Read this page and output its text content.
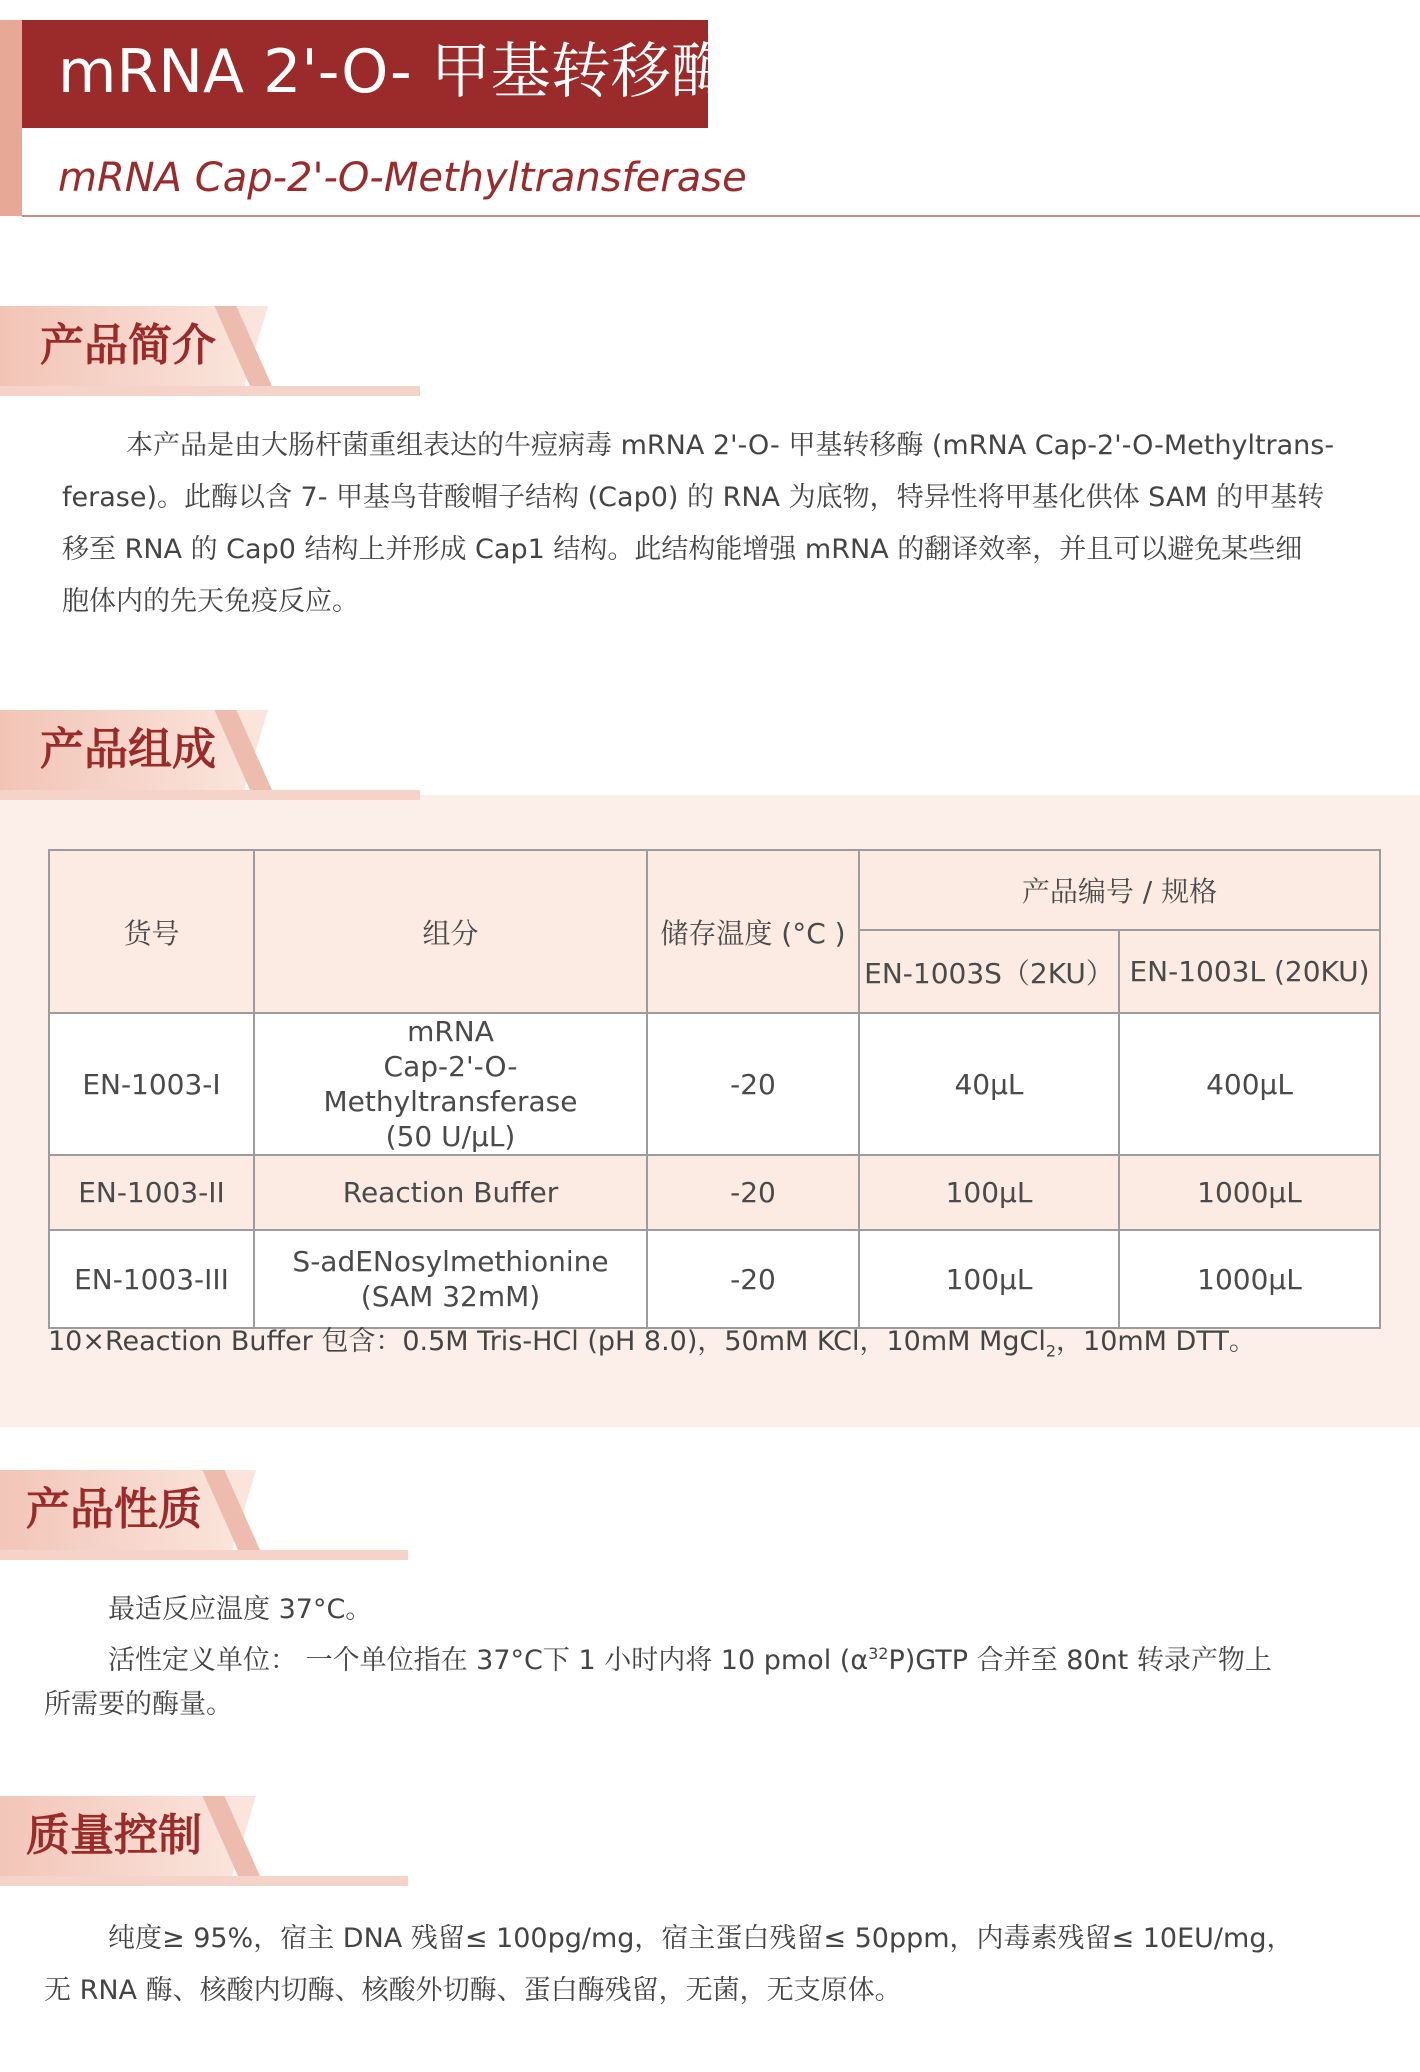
mRNA 2'-O- 甲基转移酶
mRNA Cap-2'-O-Methyltransferase
产品简介
本产品是由大肠杆菌重组表达的牛痘病毒 mRNA 2'-O- 甲基转移酶 (mRNA Cap-2'-O-Methyltrans-
ferase)。此酶以含 7- 甲基鸟苷酸帽子结构 (Cap0) 的 RNA 为底物，特异性将甲基化供体 SAM 的甲基转
移至 RNA 的 Cap0 结构上并形成 Cap1 结构。此结构能增强 mRNA 的翻译效率，并且可以避免某些细
胞体内的先天免疫反应。
产品组成
货号	组分	储存温度 (°C )	产品编号 / 规格	
			EN-1003S（2KU）	EN-1003L (20KU)
EN-1003-I	mRNA
Cap-2'-O-Methyltransferase
(50 U/μL)	-20	40μL	400μL
EN-1003-II	Reaction Buffer	-20	100μL	1000μL
EN-1003-III	S-adENosylmethionine
(SAM 32mM)	-20	100μL	1000μL
10×Reaction Buffer 包含：0.5M Tris-HCl (pH 8.0)，50mM KCl，10mM MgCl$_2$，10mM DTT。
产品性质
最适反应温度 37°C。
活性定义单位： 一个单位指在 37°C下 1 小时内将 10 pmol $(\alpha^{32}P)GTP$ 合并至 80nt 转录产物上
所需要的酶量。
质量控制
纯度≥ 95%，宿主 DNA 残留≤ 100pg/mg，宿主蛋白残留≤ 50ppm，内毒素残留≤ 10EU/mg，
无 RNA 酶、核酸内切酶、核酸外切酶、蛋白酶残留，无菌，无支原体。
